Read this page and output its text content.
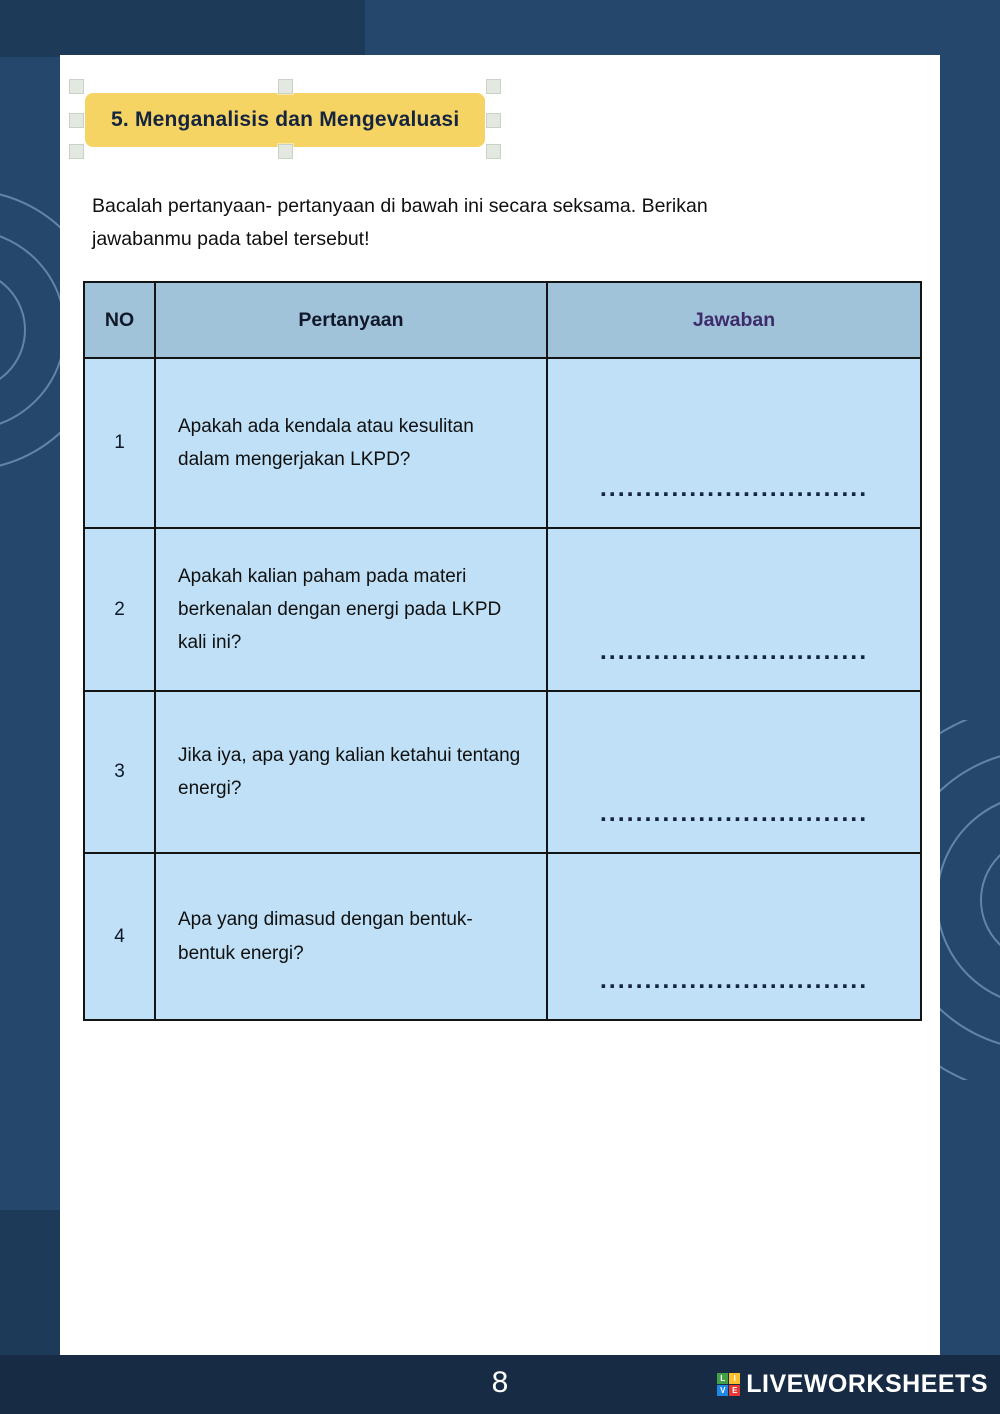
5. Menganalisis dan Mengevaluasi
Bacalah pertanyaan- pertanyaan di bawah ini secara seksama. Berikan
jawabanmu pada tabel tersebut!
NO	Pertanyaan	Jawaban
1	Apakah ada kendala atau kesulitan dalam mengerjakan LKPD?	..............................
2	Apakah kalian paham pada materi berkenalan dengan energi pada LKPD kali ini?	..............................
3	Jika iya, apa yang kalian ketahui tentang energi?	..............................
4	Apa yang dimasud dengan bentuk-bentuk energi?	..............................
8	L	I
V E LIVEWORKSHEETS
